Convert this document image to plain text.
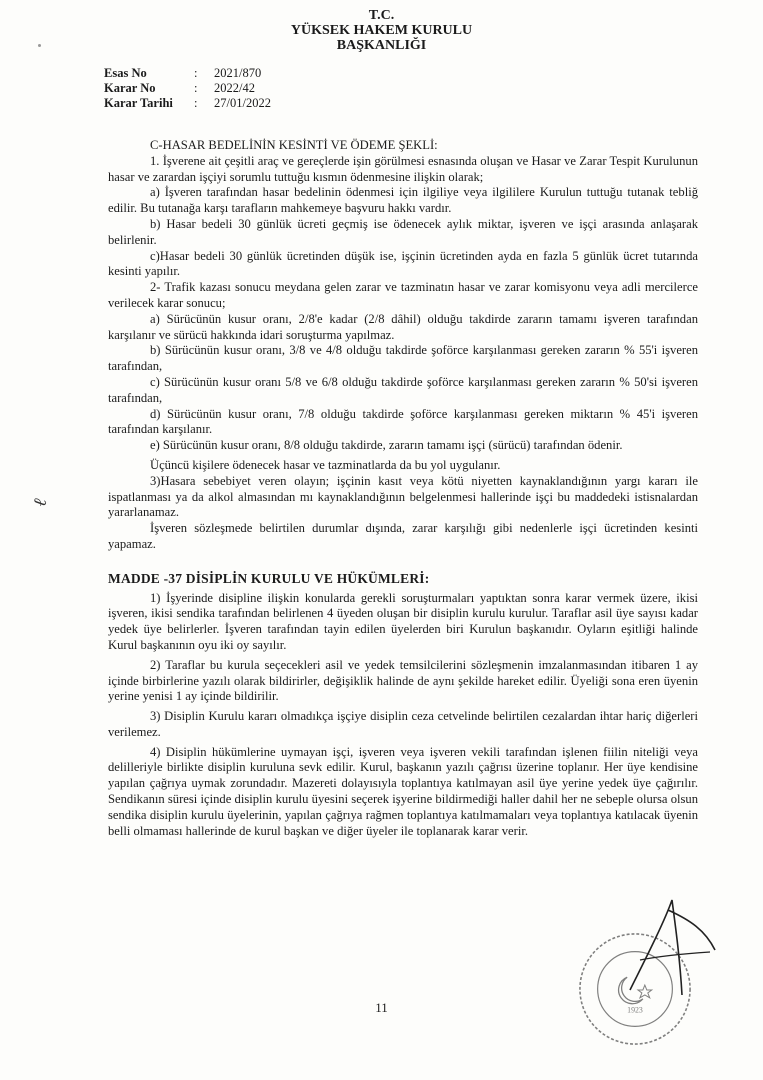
T.C.
YÜKSEK HAKEM KURULU
BAŞKANLIĞI
Esas No	:	2021/870
Karar No	:	2022/42
Karar Tarihi	:	27/01/2022

C-HASAR BEDELİNİN KESİNTİ VE ÖDEME ŞEKLİ:

1. İşverene ait çeşitli araç ve gereçlerde işin görülmesi esnasında oluşan ve Hasar ve Zarar Tespit Kurulunun hasar ve zarardan işçiyi sorumlu tuttuğu kısmın ödenmesine ilişkin olarak;

a) İşveren tarafından hasar bedelinin ödenmesi için ilgiliye veya ilgililere Kurulun tuttuğu tutanak tebliğ edilir. Bu tutanağa karşı tarafların mahkemeye başvuru hakkı vardır.

b) Hasar bedeli 30 günlük ücreti geçmiş ise ödenecek aylık miktar, işveren ve işçi arasında anlaşarak belirlenir.

c)Hasar bedeli 30 günlük ücretinden düşük ise, işçinin ücretinden ayda en fazla 5 günlük ücret tutarında kesinti yapılır.

2- Trafik kazası sonucu meydana gelen zarar ve tazminatın hasar ve zarar komisyonu veya adli mercilerce verilecek karar sonucu;

a) Sürücünün kusur oranı, 2/8'e kadar (2/8 dâhil) olduğu takdirde zararın tamamı işveren tarafından karşılanır ve sürücü hakkında idari soruşturma yapılmaz.

b) Sürücünün kusur oranı, 3/8 ve 4/8 olduğu takdirde şoförce karşılanması gereken zararın % 55'i işveren tarafından,

c) Sürücünün kusur oranı 5/8 ve 6/8 olduğu takdirde şoförce karşılanması gereken zararın % 50'si işveren tarafından,

d) Sürücünün kusur oranı, 7/8 olduğu takdirde şoförce karşılanması gereken miktarın % 45'i işveren tarafından karşılanır.

e) Sürücünün kusur oranı, 8/8 olduğu takdirde, zararın tamamı işçi (sürücü) tarafından ödenir.

Üçüncü kişilere ödenecek hasar ve tazminatlarda da bu yol uygulanır.

3)Hasara sebebiyet veren olayın; işçinin kasıt veya kötü niyetten kaynaklandığının yargı kararı ile ispatlanması ya da alkol almasından mı kaynaklandığının belgelenmesi hallerinde işçi bu maddedeki istisnalardan yararlanamaz.

İşveren sözleşmede belirtilen durumlar dışında, zarar karşılığı gibi nedenlerle işçi ücretinden kesinti yapamaz.

MADDE -37 DİSİPLİN KURULU VE HÜKÜMLERİ:

1) İşyerinde disipline ilişkin konularda gerekli soruşturmaları yaptıktan sonra karar vermek üzere, ikisi işveren, ikisi sendika tarafından belirlenen 4 üyeden oluşan bir disiplin kurulu kurulur. Taraflar asil üye sayısı kadar yedek üye belirlerler. İşveren tarafından tayin edilen üyelerden biri Kurulun başkanıdır. Oyların eşitliği halinde Kurul başkanının oyu iki oy sayılır.

2) Taraflar bu kurula seçecekleri asil ve yedek temsilcilerini sözleşmenin imzalanmasından itibaren 1 ay içinde birbirlerine yazılı olarak bildirirler, değişiklik halinde de aynı şekilde hareket edilir. Üyeliği sona eren üyenin yerine yenisi 1 ay içinde bildirilir.

3) Disiplin Kurulu kararı olmadıkça işçiye disiplin ceza cetvelinde belirtilen cezalardan ihtar hariç diğerleri verilemez.

4) Disiplin hükümlerine uymayan işçi, işveren veya işveren vekili tarafından işlenen fiilin niteliği veya delilleriyle birlikte disiplin kuruluna sevk edilir. Kurul, başkanın yazılı çağrısı üzerine toplanır. Her üye kendisine yapılan çağrıya uymak zorundadır. Mazereti dolayısıyla toplantıya katılmayan asil üye yerine yedek üye çağırılır. Sendikanın süresi içinde disiplin kurulu üyesini seçerek işyerine bildirmediği haller dahil her ne sebeple olursa olsun sendika disiplin kurulu üyelerinin, yapılan çağrıya rağmen toplantıya katılmamaları veya toplantıya katılacak üyenin belli olmaması hallerinde de kurul başkan ve diğer üyeler ile toplanarak karar verir.

ℓ
11	1923
